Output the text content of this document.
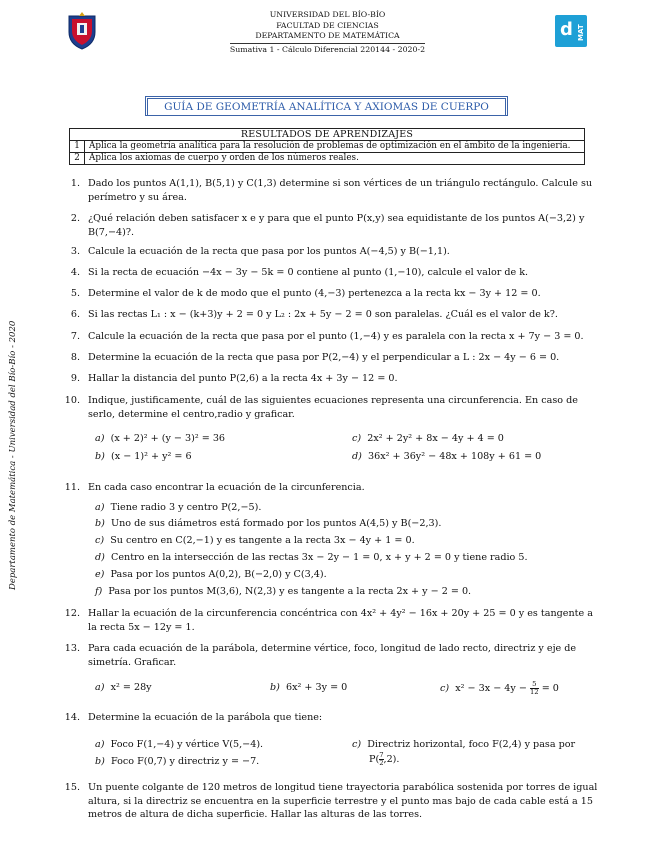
UNIVERSIDAD DEL BÍO-BÍO
FACULTAD DE CIENCIAS
DEPARTAMENTO DE MATEMÁTICA
Sumativa 1 - Cálculo Diferencial 220144 - 2020-2
d MAT
GUÍA DE GEOMETRÍA ANALÍTICA Y AXIOMAS DE CUERPO
RESULTADOS DE APRENDIZAJES	
1	Aplica la geometría analítica para la resolución de problemas de optimización en el ámbito de la ingeniería.
2	Aplica los axiomas de cuerpo y orden de los números reales.
Departamento de Matemática - Universidad del Bío-Bío - 2020
1. Dado los puntos A(1,1), B(5,1) y C(1,3) determine si son vértices de un triángulo rectángulo. Calcule su perímetro y su área.
2. ¿Qué relación deben satisfacer x e y para que el punto P(x,y) sea equidistante de los puntos A(−3,2) y B(7,−4)?.
3. Calcule la ecuación de la recta que pasa por los puntos A(−4,5) y B(−1,1).
4. Si la recta de ecuación −4x − 3y − 5k = 0 contiene al punto (1,−10), calcule el valor de k.
5. Determine el valor de k de modo que el punto (4,−3) pertenezca a la recta kx − 3y + 12 = 0.
6. Si las rectas L₁ : x − (k+3)y + 2 = 0 y L₂ : 2x + 5y − 2 = 0 son paralelas. ¿Cuál es el valor de k?.
7. Calcule la ecuación de la recta que pasa por el punto (1,−4) y es paralela con la recta x + 7y − 3 = 0.
8. Determine la ecuación de la recta que pasa por P(2,−4) y el perpendicular a L : 2x − 4y − 6 = 0.
9. Hallar la distancia del punto P(2,6) a la recta 4x + 3y − 12 = 0.
10. Indique, justificamente, cuál de las siguientes ecuaciones representa una circunferencia. En caso de serlo, determine el centro,radio y graficar.
a) (x + 2)² + (y − 3)² = 36
b) (x − 1)² + y² = 6
c) 2x² + 2y² + 8x − 4y + 4 = 0
d) 36x² + 36y² − 48x + 108y + 61 = 0
11. En cada caso encontrar la ecuación de la circunferencia.
a) Tiene radio 3 y centro P(2,−5).
b) Uno de sus diámetros está formado por los puntos A(4,5) y B(−2,3).
c) Su centro en C(2,−1) y es tangente a la recta 3x − 4y + 1 = 0.
d) Centro en la intersección de las rectas 3x − 2y − 1 = 0, x + y + 2 = 0 y tiene radio 5.
e) Pasa por los puntos A(0,2), B(−2,0) y C(3,4).
f) Pasa por los puntos M(3,6), N(2,3) y es tangente a la recta 2x + y − 2 = 0.
12. Hallar la ecuación de la circunferencia concéntrica con 4x² + 4y² − 16x + 20y + 25 = 0 y es tangente a la recta 5x − 12y = 1.
13. Para cada ecuación de la parábola, determine vértice, foco, longitud de lado recto, directriz y eje de simetría. Graficar.
a) x² = 28y	b) 6x² + 3y = 0	c) $x^2 - 3x - 4y - \frac{5}{12} = 0$
14. Determine la ecuación de la parábola que tiene:
a) Foco F(1,−4) y vértice V(5,−4).
b) Foco F(0,7) y directriz y = −7.
c) Directriz horizontal, foco F(2,4) y pasa por
$P( \frac{7}{2},2)$.
15. Un puente colgante de 120 metros de longitud tiene trayectoria parabólica sostenida por torres de igual altura, si la directriz se encuentra en la superficie terrestre y el punto mas bajo de cada cable está a 15 metros de altura de dicha superficie. Hallar las alturas de las torres.
